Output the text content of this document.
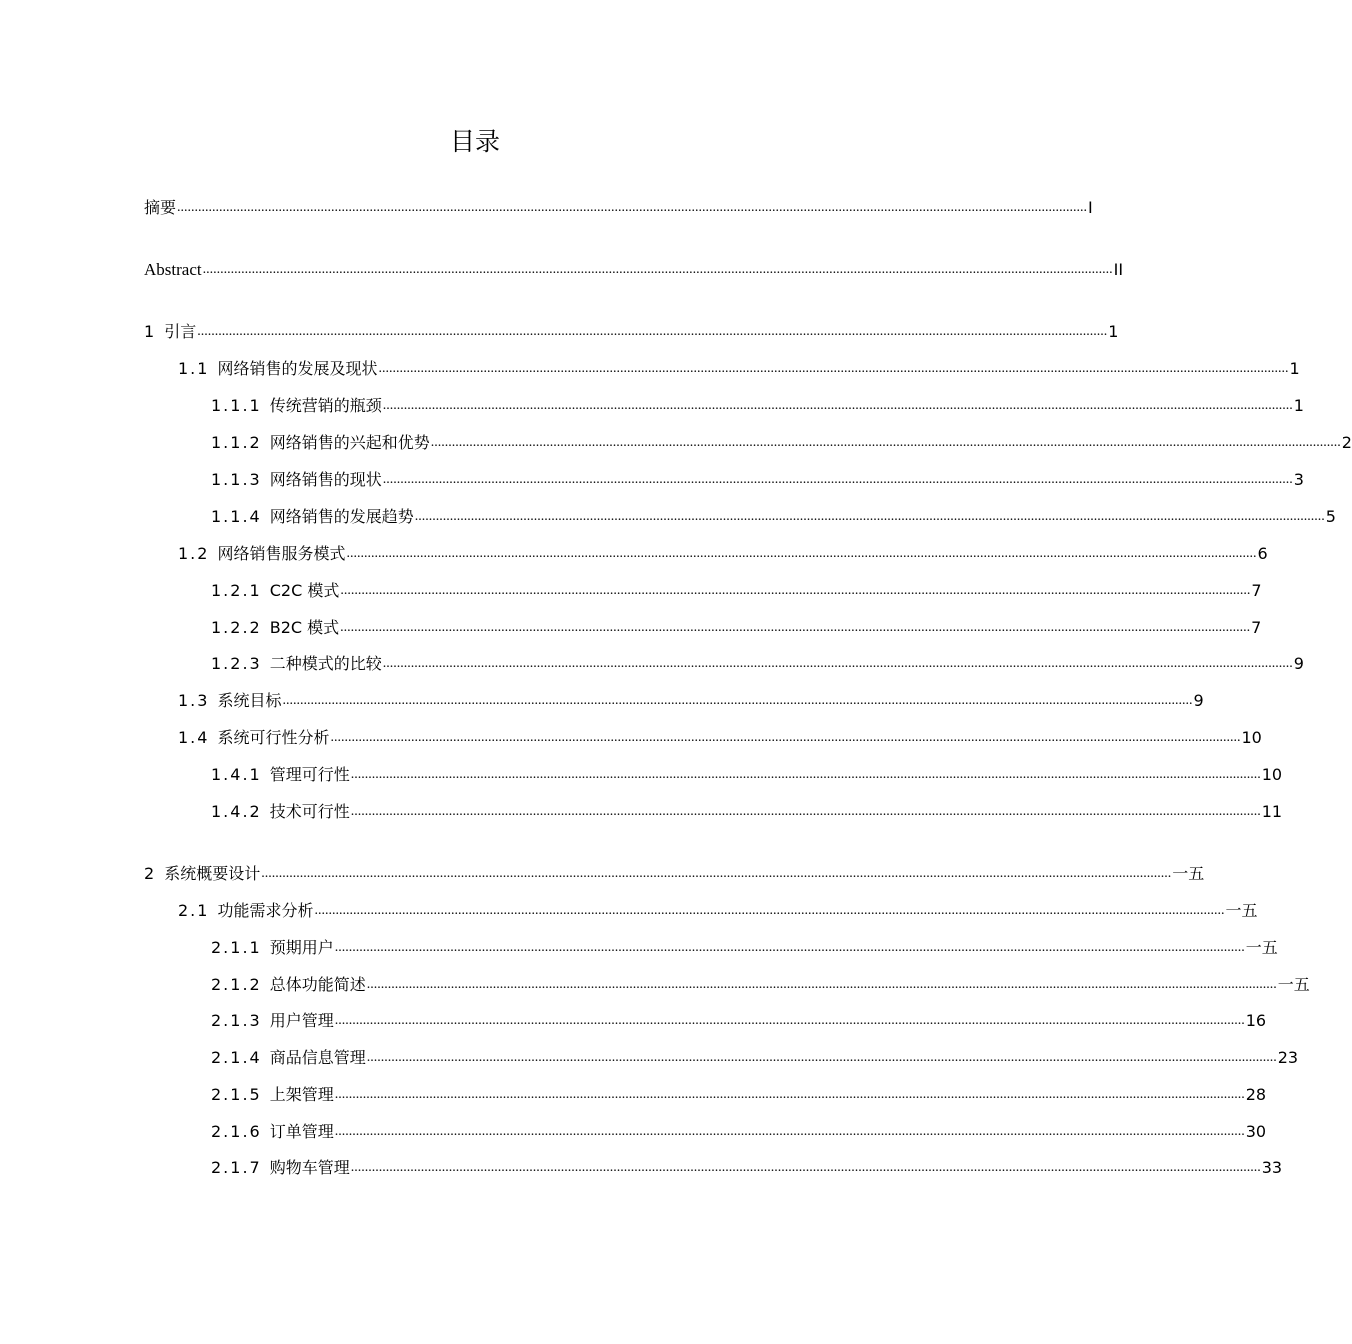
目录
摘要 .................................................................................................................................................................................................................................................................... I
Abstract .................................................................................................................................................................................................................................................................... II
1 引言 .................................................................................................................................................................................................................................................................... 1
1.1 网络销售的发展及现状 .................................................................................................................................................................................................................................................................... 1
1.1.1 传统营销的瓶颈 .................................................................................................................................................................................................................................................................... 1
1.1.2 网络销售的兴起和优势 .................................................................................................................................................................................................................................................................... 2
1.1.3 网络销售的现状 .................................................................................................................................................................................................................................................................... 3
1.1.4 网络销售的发展趋势 .................................................................................................................................................................................................................................................................... 5
1.2 网络销售服务模式 .................................................................................................................................................................................................................................................................... 6
1.2.1 C2C 模式 .................................................................................................................................................................................................................................................................... 7
1.2.2 B2C 模式 .................................................................................................................................................................................................................................................................... 7
1.2.3 二种模式的比较 .................................................................................................................................................................................................................................................................... 9
1.3 系统目标 .................................................................................................................................................................................................................................................................... 9
1.4 系统可行性分析 .................................................................................................................................................................................................................................................................... 10
1.4.1 管理可行性 .................................................................................................................................................................................................................................................................... 10
1.4.2 技术可行性 .................................................................................................................................................................................................................................................................... 11
2 系统概要设计 .................................................................................................................................................................................................................................................................... 一五
2.1 功能需求分析 .................................................................................................................................................................................................................................................................... 一五
2.1.1 预期用户 .................................................................................................................................................................................................................................................................... 一五
2.1.2 总体功能简述 .................................................................................................................................................................................................................................................................... 一五
2.1.3 用户管理 .................................................................................................................................................................................................................................................................... 16
2.1.4 商品信息管理 .................................................................................................................................................................................................................................................................... 23
2.1.5 上架管理 .................................................................................................................................................................................................................................................................... 28
2.1.6 订单管理 .................................................................................................................................................................................................................................................................... 30
2.1.7 购物车管理 .................................................................................................................................................................................................................................................................... 33
